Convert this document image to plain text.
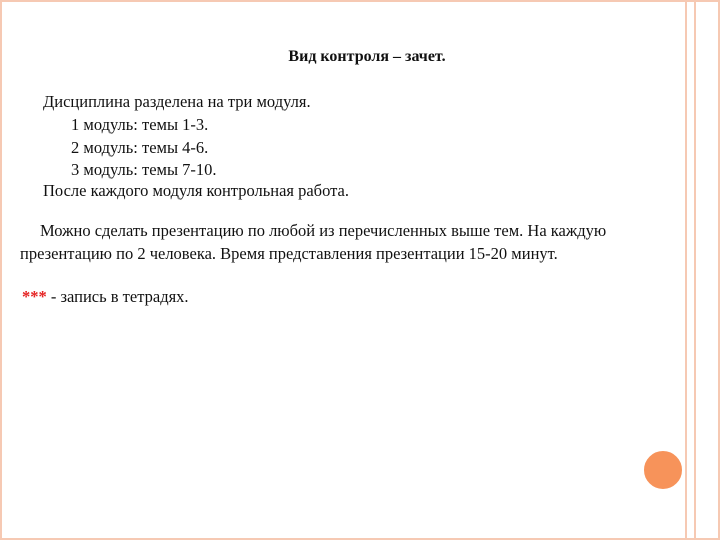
Вид контроля – зачет.
Дисциплина разделена на три модуля.
1 модуль: темы 1-3.
2 модуль: темы 4-6.
3 модуль: темы 7-10.
После каждого модуля контрольная работа.
Можно сделать презентацию по любой из перечисленных выше тем. На каждую
презентацию по 2 человека. Время представления презентации 15-20 минут.
*** - запись в тетрадях.
